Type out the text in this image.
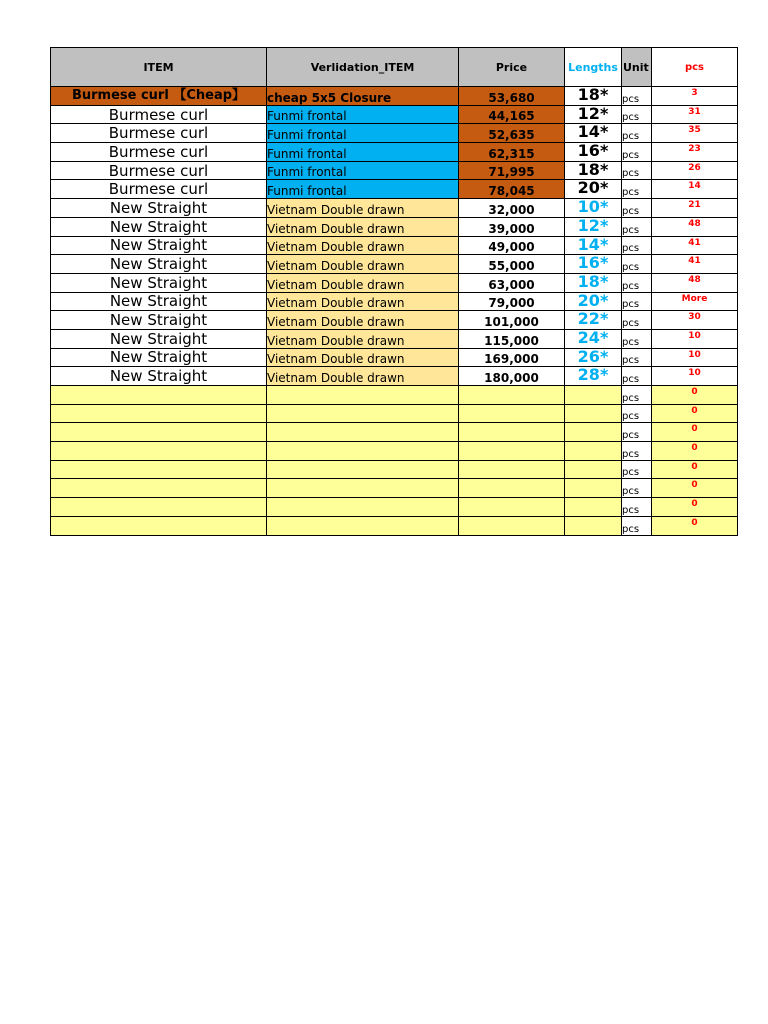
ITEM	Verlidation_ITEM	Price	Lengths	Unit	pcs
Burmese curl 【Cheap】	cheap 5x5 Closure	53,680	18*	pcs	3
Burmese curl	Funmi frontal	44,165	12*	pcs	31
Burmese curl	Funmi frontal	52,635	14*	pcs	35
Burmese curl	Funmi frontal	62,315	16*	pcs	23
Burmese curl	Funmi frontal	71,995	18*	pcs	26
Burmese curl	Funmi frontal	78,045	20*	pcs	14
New Straight	Vietnam Double drawn	32,000	10*	pcs	21
New Straight	Vietnam Double drawn	39,000	12*	pcs	48
New Straight	Vietnam Double drawn	49,000	14*	pcs	41
New Straight	Vietnam Double drawn	55,000	16*	pcs	41
New Straight	Vietnam Double drawn	63,000	18*	pcs	48
New Straight	Vietnam Double drawn	79,000	20*	pcs	More
New Straight	Vietnam Double drawn	101,000	22*	pcs	30
New Straight	Vietnam Double drawn	115,000	24*	pcs	10
New Straight	Vietnam Double drawn	169,000	26*	pcs	10
New Straight	Vietnam Double drawn	180,000	28*	pcs	10
				pcs	0
				pcs	0
				pcs	0
				pcs	0
				pcs	0
				pcs	0
				pcs	0
				pcs	0
